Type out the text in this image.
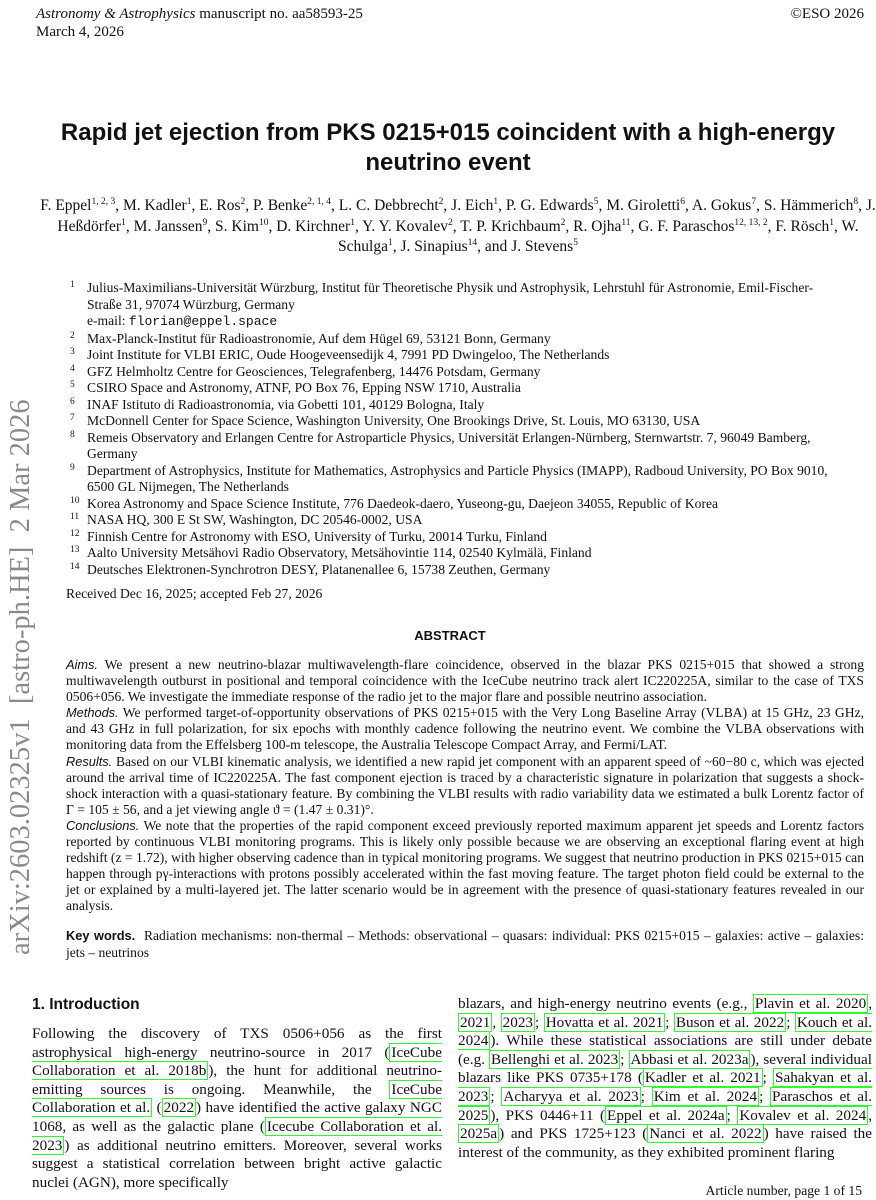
Astronomy & Astrophysics manuscript no. aa58593-25
March 4, 2026
©ESO 2026
arXiv:2603.02325v1  [astro-ph.HE]  2 Mar 2026
Rapid jet ejection from PKS 0215+015 coincident with a high-energy neutrino event
F. Eppel$^{1, 2, 3}$, M. Kadler$^1$, E. Ros$^2$, P. Benke$^{2, 1, 4}$, L. C. Debbrecht$^2$, J. Eich$^1$, P. G. Edwards$^5$, M. Giroletti$^6$, A. Gokus$^7$, S. Hämmerich$^8$, J. Heßdörfer$^1$, M. Janssen$^9$, S. Kim$^{10}$, D. Kirchner$^1$, Y. Y. Kovalev$^2$, T. P. Krichbaum$^2$, R. Ojha$^{11}$, G. F. Paraschos$^{12, 13, 2}$, F. Rösch$^1$, W. Schulga$^1$, J. Sinapius$^{14}$, and J. Stevens$^5$
1 Julius-Maximilians-Universität Würzburg, Institut für Theoretische Physik und Astrophysik, Lehrstuhl für Astronomie, Emil-Fischer-Straße 31, 97074 Würzburg, Germany
e-mail: florian@eppel.space
2 Max-Planck-Institut für Radioastronomie, Auf dem Hügel 69, 53121 Bonn, Germany
3 Joint Institute for VLBI ERIC, Oude Hoogeveensedijk 4, 7991 PD Dwingeloo, The Netherlands
4 GFZ Helmholtz Centre for Geosciences, Telegrafenberg, 14476 Potsdam, Germany
5 CSIRO Space and Astronomy, ATNF, PO Box 76, Epping NSW 1710, Australia
6 INAF Istituto di Radioastronomia, via Gobetti 101, 40129 Bologna, Italy
7 McDonnell Center for Space Science, Washington University, One Brookings Drive, St. Louis, MO 63130, USA
8 Remeis Observatory and Erlangen Centre for Astroparticle Physics, Universität Erlangen-Nürnberg, Sternwartstr. 7, 96049 Bamberg, Germany
9 Department of Astrophysics, Institute for Mathematics, Astrophysics and Particle Physics (IMAPP), Radboud University, PO Box 9010, 6500 GL Nijmegen, The Netherlands
10 Korea Astronomy and Space Science Institute, 776 Daedeok-daero, Yuseong-gu, Daejeon 34055, Republic of Korea
11 NASA HQ, 300 E St SW, Washington, DC 20546-0002, USA
12 Finnish Centre for Astronomy with ESO, University of Turku, 20014 Turku, Finland
13 Aalto University Metsähovi Radio Observatory, Metsähovintie 114, 02540 Kylmälä, Finland
14 Deutsches Elektronen-Synchrotron DESY, Platanenallee 6, 15738 Zeuthen, Germany
Received Dec 16, 2025; accepted Feb 27, 2026
ABSTRACT

Aims. We present a new neutrino-blazar multiwavelength-flare coincidence, observed in the blazar PKS 0215+015 that showed a strong multiwavelength outburst in positional and temporal coincidence with the IceCube neutrino track alert IC220225A, similar to the case of TXS 0506+056. We investigate the immediate response of the radio jet to the major flare and possible neutrino association.

Methods. We performed target-of-opportunity observations of PKS 0215+015 with the Very Long Baseline Array (VLBA) at 15 GHz, 23 GHz, and 43 GHz in full polarization, for six epochs with monthly cadence following the neutrino event. We combine the VLBA observations with monitoring data from the Effelsberg 100-m telescope, the Australia Telescope Compact Array, and Fermi/LAT.

Results. Based on our VLBI kinematic analysis, we identified a new rapid jet component with an apparent speed of ~60−80 c, which was ejected around the arrival time of IC220225A. The fast component ejection is traced by a characteristic signature in polarization that suggests a shock-shock interaction with a quasi-stationary feature. By combining the VLBI results with radio variability data we estimated a bulk Lorentz factor of Γ = 105 ± 56, and a jet viewing angle ϑ = (1.47 ± 0.31)°.

Conclusions. We note that the properties of the rapid component exceed previously reported maximum apparent jet speeds and Lorentz factors reported by continuous VLBI monitoring programs. This is likely only possible because we are observing an exceptional flaring event at high redshift (z = 1.72), with higher observing cadence than in typical monitoring programs. We suggest that neutrino production in PKS 0215+015 can happen through pγ-interactions with protons possibly accelerated within the fast moving feature. The target photon field could be external to the jet or explained by a multi-layered jet. The latter scenario would be in agreement with the presence of quasi-stationary features revealed in our analysis.

Key words. Radiation mechanisms: non-thermal – Methods: observational – quasars: individual: PKS 0215+015 – galaxies: active – galaxies: jets – neutrinos
1. Introduction
Following the discovery of TXS 0506+056 as the first astrophysical high-energy neutrino-source in 2017 ( IceCube Collaboration et al. 2018b ), the hunt for additional neutrino-emitting sources is ongoing. Meanwhile, the IceCube Collaboration et al. ( 2022 ) have identified the active galaxy NGC 1068, as well as the galactic plane ( Icecube Collaboration et al. 2023 ) as additional neutrino emitters. Moreover, several works suggest a statistical correlation between bright active galactic nuclei (AGN), more specifically
blazars, and high-energy neutrino events (e.g., Plavin et al. 2020 , 2021 , 2023 ; Hovatta et al. 2021 ; Buson et al. 2022 ; Kouch et al. 2024 ). While these statistical associations are still under debate (e.g. Bellenghi et al. 2023 ; Abbasi et al. 2023a ), several individual blazars like PKS 0735+178 ( Kadler et al. 2021 ; Sahakyan et al. 2023 ; Acharyya et al. 2023 ; Kim et al. 2024 ; Paraschos et al. 2025 ), PKS 0446+11 ( Eppel et al. 2024a ; Kovalev et al. 2024 , 2025a ) and PKS 1725+123 ( Nanci et al. 2022 ) have raised the interest of the community, as they exhibited prominent flaring
Article number, page 1 of 15
